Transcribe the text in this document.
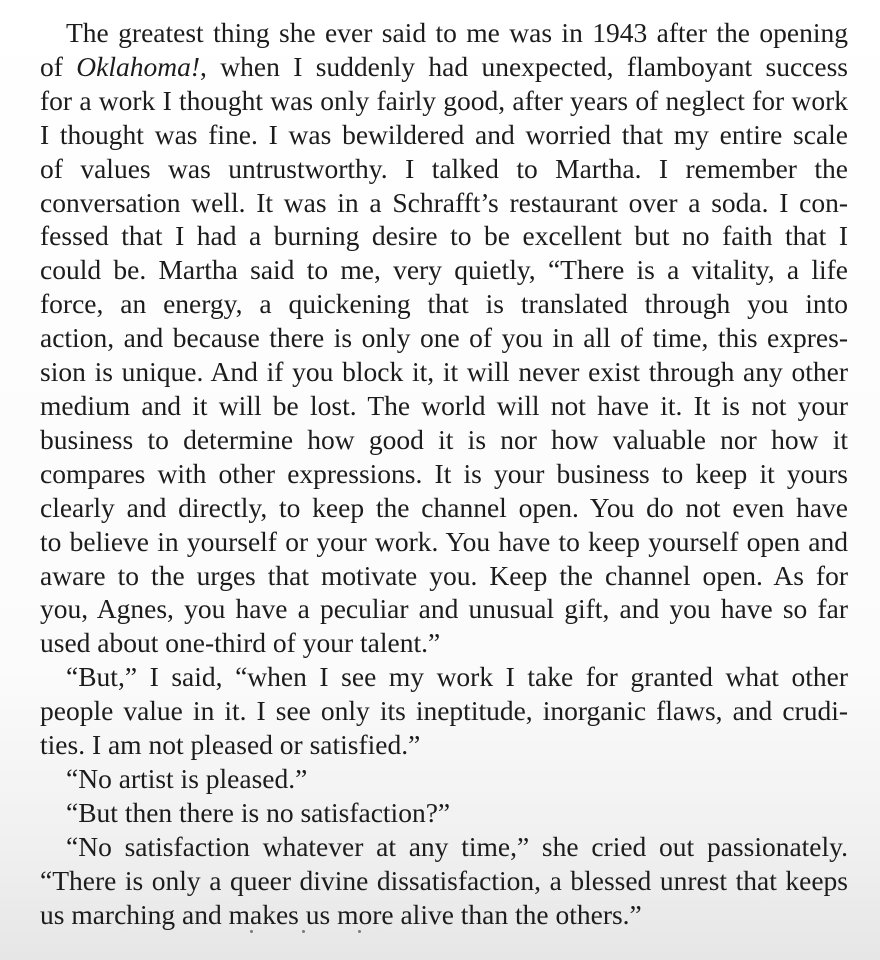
The greatest thing she ever said to me was in 1943 after the opening
of Oklahoma!, when I suddenly had unexpected, flamboyant success
for a work I thought was only fairly good, after years of neglect for work
I thought was fine. I was bewildered and worried that my entire scale
of values was untrustworthy. I talked to Martha. I remember the
conversation well. It was in a Schrafft’s restaurant over a soda. I con-
fessed that I had a burning desire to be excellent but no faith that I
could be. Martha said to me, very quietly, “There is a vitality, a life
force, an energy, a quickening that is translated through you into
action, and because there is only one of you in all of time, this expres-
sion is unique. And if you block it, it will never exist through any other
medium and it will be lost. The world will not have it. It is not your
business to determine how good it is nor how valuable nor how it
compares with other expressions. It is your business to keep it yours
clearly and directly, to keep the channel open. You do not even have
to believe in yourself or your work. You have to keep yourself open and
aware to the urges that motivate you. Keep the channel open. As for
you, Agnes, you have a peculiar and unusual gift, and you have so far
used about one-third of your talent.”
“But,” I said, “when I see my work I take for granted what other
people value in it. I see only its ineptitude, inorganic flaws, and crudi-
ties. I am not pleased or satisfied.”
“No artist is pleased.”
“But then there is no satisfaction?”
“No satisfaction whatever at any time,” she cried out passionately.
“There is only a queer divine dissatisfaction, a blessed unrest that keeps
us marching and makes us more alive than the others.”
